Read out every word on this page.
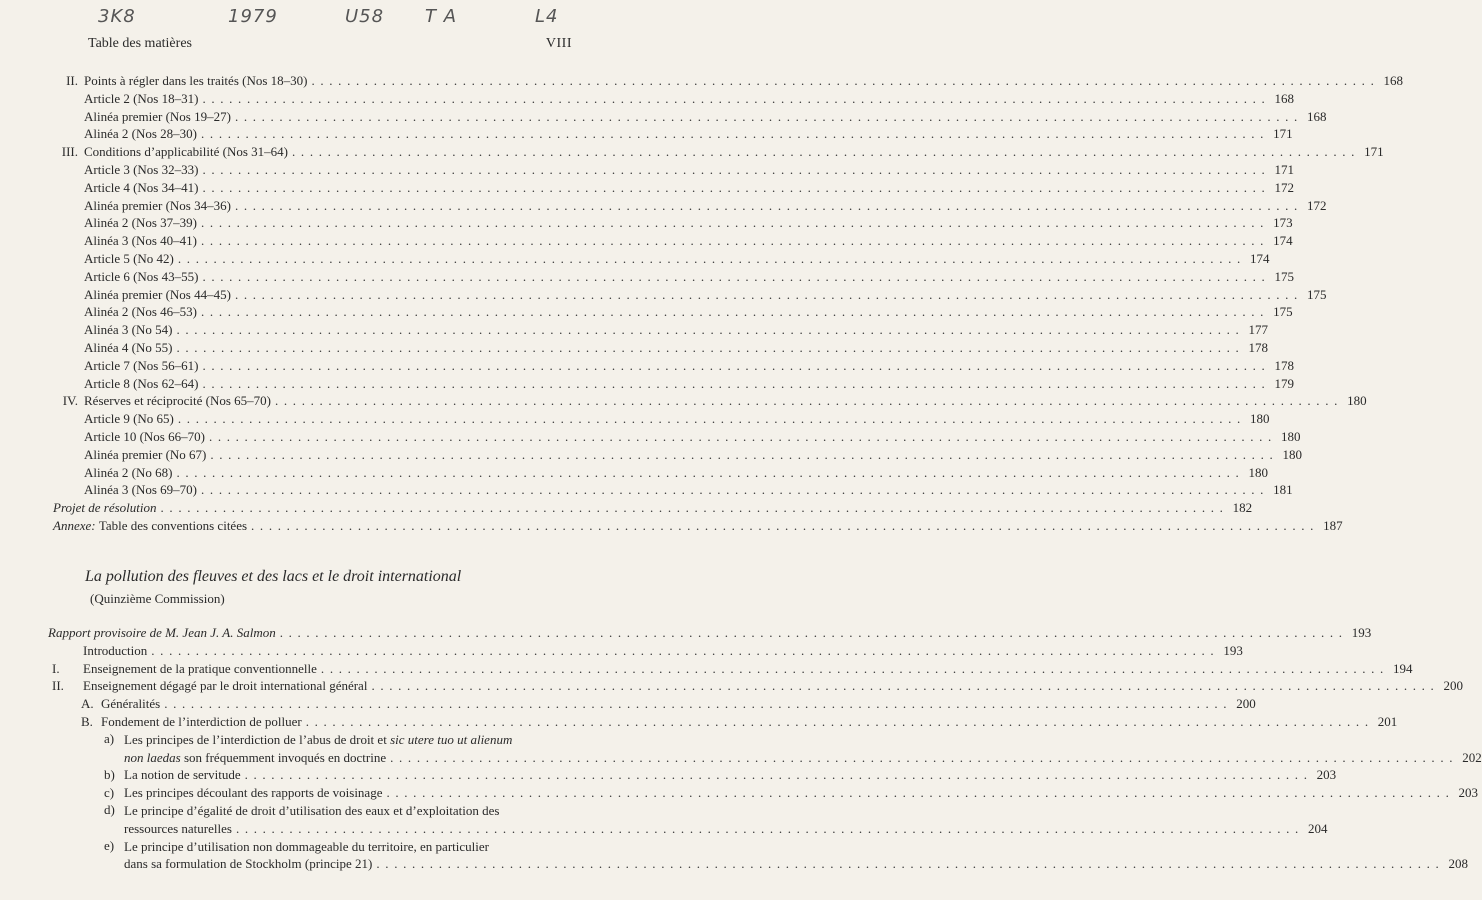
3K8	1979	U58 T A	L4
Table des matières	VIII
II. Points à régler dans les traités (Nos 18–30) . . . . . . . . . . . . . . . . . . . . . . . . . . . . . . . . . . . . . . . . . . . . . . . . . . . . . . . . . . . . . . . . . . . . . . . . . . . . . . . . . . . . . . . . . . . . . . . . . . . . . . . . . . . . . . . . . . . . . . . . 168
Article 2 (Nos 18–31) . . . . . . . . . . . . . . . . . . . . . . . . . . . . . . . . . . . . . . . . . . . . . . . . . . . . . . . . . . . . . . . . . . . . . . . . . . . . . . . . . . . . . . . . . . . . . . . . . . . . . . . . . . . . . . . . . . . . . . . . 168
Alinéa premier (Nos 19–27) . . . . . . . . . . . . . . . . . . . . . . . . . . . . . . . . . . . . . . . . . . . . . . . . . . . . . . . . . . . . . . . . . . . . . . . . . . . . . . . . . . . . . . . . . . . . . . . . . . . . . . . . . . . . . . . . . . . . . . . . 168
Alinéa 2 (Nos 28–30) . . . . . . . . . . . . . . . . . . . . . . . . . . . . . . . . . . . . . . . . . . . . . . . . . . . . . . . . . . . . . . . . . . . . . . . . . . . . . . . . . . . . . . . . . . . . . . . . . . . . . . . . . . . . . . . . . . . . . . . . 171
III. Conditions d’applicabilité (Nos 31–64) . . . . . . . . . . . . . . . . . . . . . . . . . . . . . . . . . . . . . . . . . . . . . . . . . . . . . . . . . . . . . . . . . . . . . . . . . . . . . . . . . . . . . . . . . . . . . . . . . . . . . . . . . . . . . . . . . . . . . . . . 171
Article 3 (Nos 32–33) . . . . . . . . . . . . . . . . . . . . . . . . . . . . . . . . . . . . . . . . . . . . . . . . . . . . . . . . . . . . . . . . . . . . . . . . . . . . . . . . . . . . . . . . . . . . . . . . . . . . . . . . . . . . . . . . . . . . . . . . 171
Article 4 (Nos 34–41) . . . . . . . . . . . . . . . . . . . . . . . . . . . . . . . . . . . . . . . . . . . . . . . . . . . . . . . . . . . . . . . . . . . . . . . . . . . . . . . . . . . . . . . . . . . . . . . . . . . . . . . . . . . . . . . . . . . . . . . . 172
Alinéa premier (Nos 34–36) . . . . . . . . . . . . . . . . . . . . . . . . . . . . . . . . . . . . . . . . . . . . . . . . . . . . . . . . . . . . . . . . . . . . . . . . . . . . . . . . . . . . . . . . . . . . . . . . . . . . . . . . . . . . . . . . . . . . . . . . 172
Alinéa 2 (Nos 37–39) . . . . . . . . . . . . . . . . . . . . . . . . . . . . . . . . . . . . . . . . . . . . . . . . . . . . . . . . . . . . . . . . . . . . . . . . . . . . . . . . . . . . . . . . . . . . . . . . . . . . . . . . . . . . . . . . . . . . . . . . 173
Alinéa 3 (Nos 40–41) . . . . . . . . . . . . . . . . . . . . . . . . . . . . . . . . . . . . . . . . . . . . . . . . . . . . . . . . . . . . . . . . . . . . . . . . . . . . . . . . . . . . . . . . . . . . . . . . . . . . . . . . . . . . . . . . . . . . . . . . 174
Article 5 (No 42) . . . . . . . . . . . . . . . . . . . . . . . . . . . . . . . . . . . . . . . . . . . . . . . . . . . . . . . . . . . . . . . . . . . . . . . . . . . . . . . . . . . . . . . . . . . . . . . . . . . . . . . . . . . . . . . . . . . . . . . . 174
Article 6 (Nos 43–55) . . . . . . . . . . . . . . . . . . . . . . . . . . . . . . . . . . . . . . . . . . . . . . . . . . . . . . . . . . . . . . . . . . . . . . . . . . . . . . . . . . . . . . . . . . . . . . . . . . . . . . . . . . . . . . . . . . . . . . . . 175
Alinéa premier (Nos 44–45) . . . . . . . . . . . . . . . . . . . . . . . . . . . . . . . . . . . . . . . . . . . . . . . . . . . . . . . . . . . . . . . . . . . . . . . . . . . . . . . . . . . . . . . . . . . . . . . . . . . . . . . . . . . . . . . . . . . . . . . . 175
Alinéa 2 (Nos 46–53) . . . . . . . . . . . . . . . . . . . . . . . . . . . . . . . . . . . . . . . . . . . . . . . . . . . . . . . . . . . . . . . . . . . . . . . . . . . . . . . . . . . . . . . . . . . . . . . . . . . . . . . . . . . . . . . . . . . . . . . . 175
Alinéa 3 (No 54) . . . . . . . . . . . . . . . . . . . . . . . . . . . . . . . . . . . . . . . . . . . . . . . . . . . . . . . . . . . . . . . . . . . . . . . . . . . . . . . . . . . . . . . . . . . . . . . . . . . . . . . . . . . . . . . . . . . . . . . . 177
Alinéa 4 (No 55) . . . . . . . . . . . . . . . . . . . . . . . . . . . . . . . . . . . . . . . . . . . . . . . . . . . . . . . . . . . . . . . . . . . . . . . . . . . . . . . . . . . . . . . . . . . . . . . . . . . . . . . . . . . . . . . . . . . . . . . . 178
Article 7 (Nos 56–61) . . . . . . . . . . . . . . . . . . . . . . . . . . . . . . . . . . . . . . . . . . . . . . . . . . . . . . . . . . . . . . . . . . . . . . . . . . . . . . . . . . . . . . . . . . . . . . . . . . . . . . . . . . . . . . . . . . . . . . . . 178
Article 8 (Nos 62–64) . . . . . . . . . . . . . . . . . . . . . . . . . . . . . . . . . . . . . . . . . . . . . . . . . . . . . . . . . . . . . . . . . . . . . . . . . . . . . . . . . . . . . . . . . . . . . . . . . . . . . . . . . . . . . . . . . . . . . . . . 179
IV. Réserves et réciprocité (Nos 65–70) . . . . . . . . . . . . . . . . . . . . . . . . . . . . . . . . . . . . . . . . . . . . . . . . . . . . . . . . . . . . . . . . . . . . . . . . . . . . . . . . . . . . . . . . . . . . . . . . . . . . . . . . . . . . . . . . . . . . . . . . 180
Article 9 (No 65) . . . . . . . . . . . . . . . . . . . . . . . . . . . . . . . . . . . . . . . . . . . . . . . . . . . . . . . . . . . . . . . . . . . . . . . . . . . . . . . . . . . . . . . . . . . . . . . . . . . . . . . . . . . . . . . . . . . . . . . . 180
Article 10 (Nos 66–70) . . . . . . . . . . . . . . . . . . . . . . . . . . . . . . . . . . . . . . . . . . . . . . . . . . . . . . . . . . . . . . . . . . . . . . . . . . . . . . . . . . . . . . . . . . . . . . . . . . . . . . . . . . . . . . . . . . . . . . . . 180
Alinéa premier (No 67) . . . . . . . . . . . . . . . . . . . . . . . . . . . . . . . . . . . . . . . . . . . . . . . . . . . . . . . . . . . . . . . . . . . . . . . . . . . . . . . . . . . . . . . . . . . . . . . . . . . . . . . . . . . . . . . . . . . . . . . . 180
Alinéa 2 (No 68) . . . . . . . . . . . . . . . . . . . . . . . . . . . . . . . . . . . . . . . . . . . . . . . . . . . . . . . . . . . . . . . . . . . . . . . . . . . . . . . . . . . . . . . . . . . . . . . . . . . . . . . . . . . . . . . . . . . . . . . . 180
Alinéa 3 (Nos 69–70) . . . . . . . . . . . . . . . . . . . . . . . . . . . . . . . . . . . . . . . . . . . . . . . . . . . . . . . . . . . . . . . . . . . . . . . . . . . . . . . . . . . . . . . . . . . . . . . . . . . . . . . . . . . . . . . . . . . . . . . . 181
Projet de résolution . . . . . . . . . . . . . . . . . . . . . . . . . . . . . . . . . . . . . . . . . . . . . . . . . . . . . . . . . . . . . . . . . . . . . . . . . . . . . . . . . . . . . . . . . . . . . . . . . . . . . . . . . . . . . . . . . . . . . . . . 182
Annexe: Table des conventions citées . . . . . . . . . . . . . . . . . . . . . . . . . . . . . . . . . . . . . . . . . . . . . . . . . . . . . . . . . . . . . . . . . . . . . . . . . . . . . . . . . . . . . . . . . . . . . . . . . . . . . . . . . . . . . . . . . . . . . . . . 187
La pollution des fleuves et des lacs et le droit international
(Quinzième Commission)
Rapport provisoire de M. Jean J. A. Salmon . . . . . . . . . . . . . . . . . . . . . . . . . . . . . . . . . . . . . . . . . . . . . . . . . . . . . . . . . . . . . . . . . . . . . . . . . . . . . . . . . . . . . . . . . . . . . . . . . . . . . . . . . . . . . . . . . . . . . . . . 193
Introduction . . . . . . . . . . . . . . . . . . . . . . . . . . . . . . . . . . . . . . . . . . . . . . . . . . . . . . . . . . . . . . . . . . . . . . . . . . . . . . . . . . . . . . . . . . . . . . . . . . . . . . . . . . . . . . . . . . . . . . . . 193
I.	Enseignement de la pratique conventionnelle . . . . . . . . . . . . . . . . . . . . . . . . . . . . . . . . . . . . . . . . . . . . . . . . . . . . . . . . . . . . . . . . . . . . . . . . . . . . . . . . . . . . . . . . . . . . . . . . . . . . . . . . . . . . . . . . . . . . . . . . 194
II.	Enseignement dégagé par le droit international général . . . . . . . . . . . . . . . . . . . . . . . . . . . . . . . . . . . . . . . . . . . . . . . . . . . . . . . . . . . . . . . . . . . . . . . . . . . . . . . . . . . . . . . . . . . . . . . . . . . . . . . . . . . . . . . . . . . . . . . . 200
A. Généralités . . . . . . . . . . . . . . . . . . . . . . . . . . . . . . . . . . . . . . . . . . . . . . . . . . . . . . . . . . . . . . . . . . . . . . . . . . . . . . . . . . . . . . . . . . . . . . . . . . . . . . . . . . . . . . . . . . . . . . . . 200
B. Fondement de l’interdiction de polluer . . . . . . . . . . . . . . . . . . . . . . . . . . . . . . . . . . . . . . . . . . . . . . . . . . . . . . . . . . . . . . . . . . . . . . . . . . . . . . . . . . . . . . . . . . . . . . . . . . . . . . . . . . . . . . . . . . . . . . . . 201
a) Les principes de l’interdiction de l’abus de droit et sic utere tuo ut alienum
non laedas son fréquemment invoqués en doctrine . . . . . . . . . . . . . . . . . . . . . . . . . . . . . . . . . . . . . . . . . . . . . . . . . . . . . . . . . . . . . . . . . . . . . . . . . . . . . . . . . . . . . . . . . . . . . . . . . . . . . . . . . . . . . . . . . . . . . . . . 202
b) La notion de servitude . . . . . . . . . . . . . . . . . . . . . . . . . . . . . . . . . . . . . . . . . . . . . . . . . . . . . . . . . . . . . . . . . . . . . . . . . . . . . . . . . . . . . . . . . . . . . . . . . . . . . . . . . . . . . . . . . . . . . . . . 203
c) Les principes découlant des rapports de voisinage . . . . . . . . . . . . . . . . . . . . . . . . . . . . . . . . . . . . . . . . . . . . . . . . . . . . . . . . . . . . . . . . . . . . . . . . . . . . . . . . . . . . . . . . . . . . . . . . . . . . . . . . . . . . . . . . . . . . . . . . 203
d) Le principe d’égalité de droit d’utilisation des eaux et d’exploitation des
ressources naturelles . . . . . . . . . . . . . . . . . . . . . . . . . . . . . . . . . . . . . . . . . . . . . . . . . . . . . . . . . . . . . . . . . . . . . . . . . . . . . . . . . . . . . . . . . . . . . . . . . . . . . . . . . . . . . . . . . . . . . . . . 204
e) Le principe d’utilisation non dommageable du territoire, en particulier
dans sa formulation de Stockholm (principe 21) . . . . . . . . . . . . . . . . . . . . . . . . . . . . . . . . . . . . . . . . . . . . . . . . . . . . . . . . . . . . . . . . . . . . . . . . . . . . . . . . . . . . . . . . . . . . . . . . . . . . . . . . . . . . . . . . . . . . . . . . 208
